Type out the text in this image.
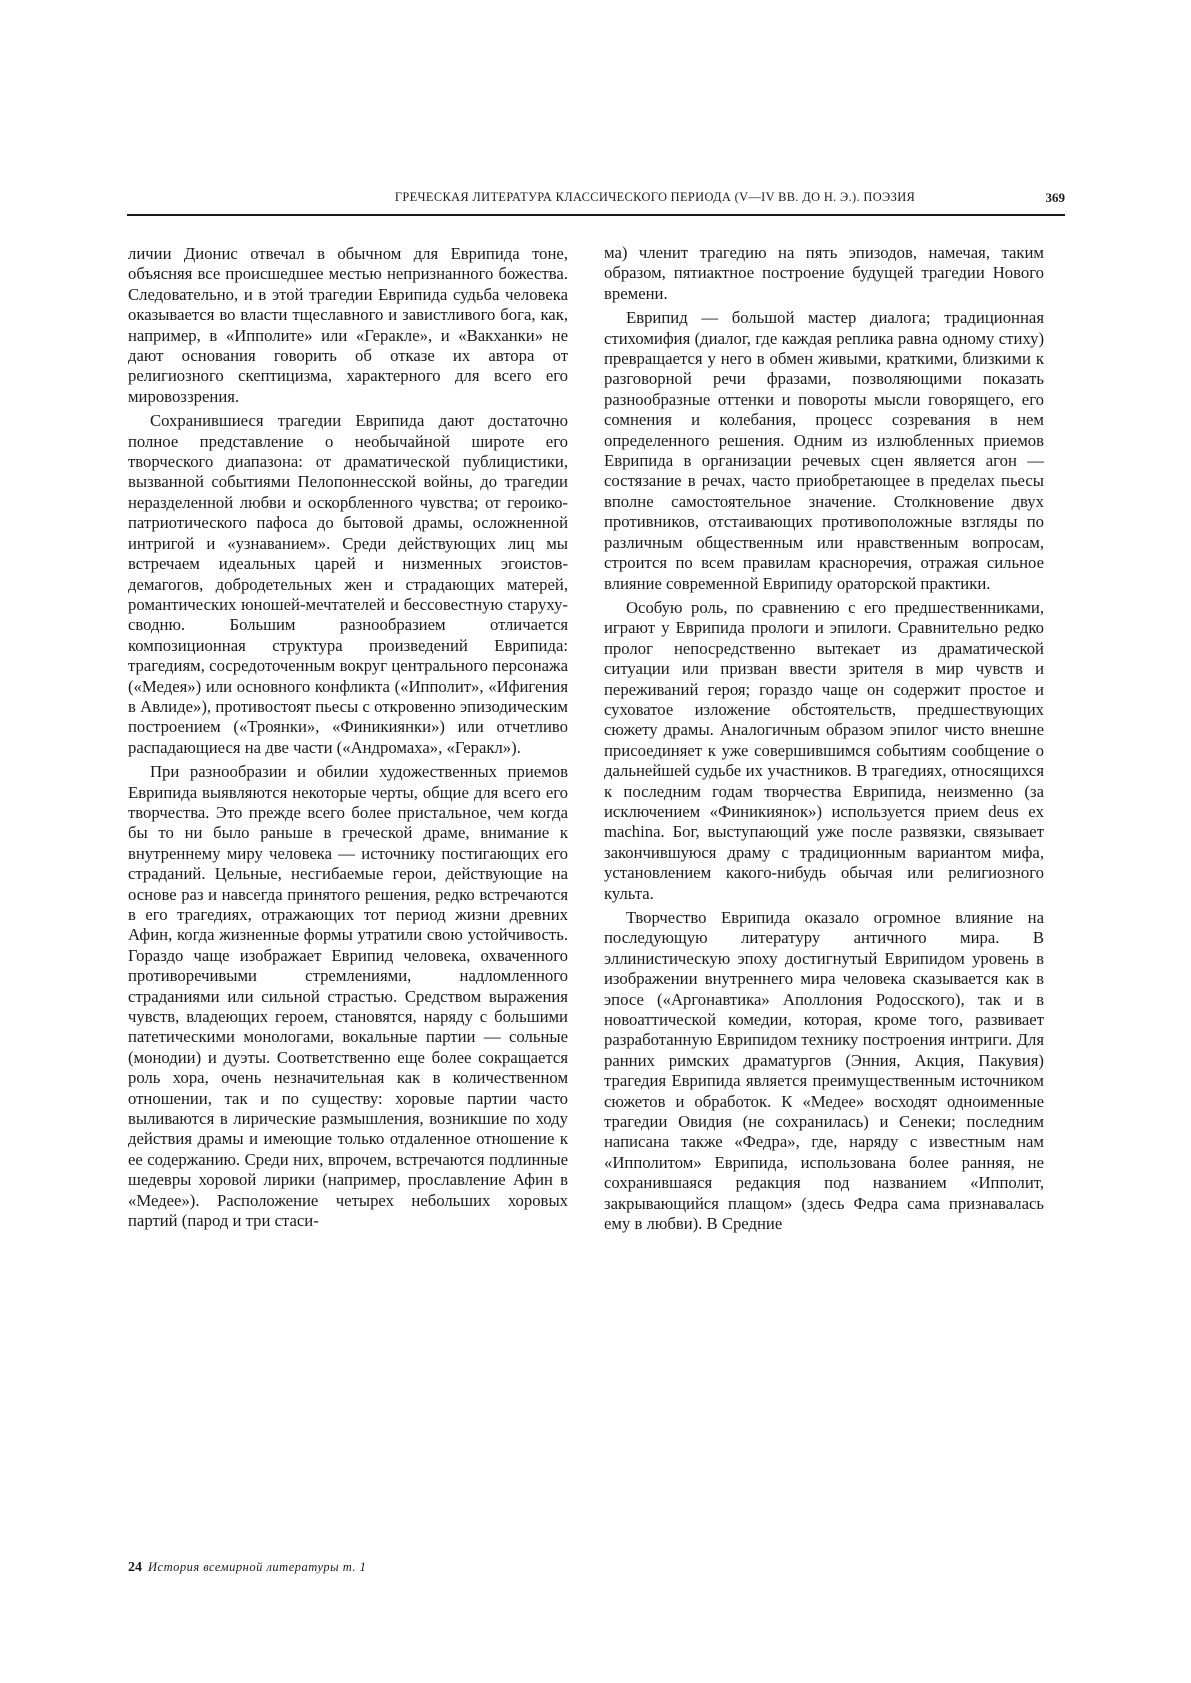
ГРЕЧЕСКАЯ ЛИТЕРАТУРА КЛАССИЧЕСКОГО ПЕРИОДА (V—IV ВВ. ДО Н. Э.). ПОЭЗИЯ	369

личии Дионис отвечал в обычном для Еврипида тоне, объясняя все происшедшее местью непризнанного божества. Следовательно, и в этой трагедии Еврипида судьба человека оказывается во власти тщеславного и завистливого бога, как, например, в «Ипполите» или «Геракле», и «Вакханки» не дают основания говорить об отказе их автора от религиозного скептицизма, характерного для всего его мировоззрения.

Сохранившиеся трагедии Еврипида дают достаточно полное представление о необычайной широте его творческого диапазона: от драматической публицистики, вызванной событиями Пелопоннесской войны, до трагедии неразделенной любви и оскорбленного чувства; от героико-патриотического пафоса до бытовой драмы, осложненной интригой и «узнаванием». Среди действующих лиц мы встречаем идеальных царей и низменных эгоистов-демагогов, добродетельных жен и страдающих матерей, романтических юношей-мечтателей и бессовестную старуху-сводню. Большим разнообразием отличается композиционная структура произведений Еврипида: трагедиям, сосредоточенным вокруг центрального персонажа («Медея») или основного конфликта («Ипполит», «Ифигения в Авлиде»), противостоят пьесы с откровенно эпизодическим построением («Троянки», «Финикиянки») или отчетливо распадающиеся на две части («Андромаха», «Геракл»).

При разнообразии и обилии художественных приемов Еврипида выявляются некоторые черты, общие для всего его творчества. Это прежде всего более пристальное, чем когда бы то ни было раньше в греческой драме, внимание к внутреннему миру человека — источнику постигающих его страданий. Цельные, несгибаемые герои, действующие на основе раз и навсегда принятого решения, редко встречаются в его трагедиях, отражающих тот период жизни древних Афин, когда жизненные формы утратили свою устойчивость. Гораздо чаще изображает Еврипид человека, охваченного противоречивыми стремлениями, надломленного страданиями или сильной страстью. Средством выражения чувств, владеющих героем, становятся, наряду с большими патетическими монологами, вокальные партии — сольные (монодии) и дуэты. Соответственно еще более сокращается роль хора, очень незначительная как в количественном отношении, так и по существу: хоровые партии часто выливаются в лирические размышления, возникшие по ходу действия драмы и имеющие только отдаленное отношение к ее содержанию. Среди них, впрочем, встречаются подлинные шедевры хоровой лирики (например, прославление Афин в «Медее»). Расположение четырех небольших хоровых партий (парод и три стаси-

ма) членит трагедию на пять эпизодов, намечая, таким образом, пятиактное построение будущей трагедии Нового времени.

Еврипид — большой мастер диалога; традиционная стихомифия (диалог, где каждая реплика равна одному стиху) превращается у него в обмен живыми, краткими, близкими к разговорной речи фразами, позволяющими показать разнообразные оттенки и повороты мысли говорящего, его сомнения и колебания, процесс созревания в нем определенного решения. Одним из излюбленных приемов Еврипида в организации речевых сцен является агон — состязание в речах, часто приобретающее в пределах пьесы вполне самостоятельное значение. Столкновение двух противников, отстаивающих противоположные взгляды по различным общественным или нравственным вопросам, строится по всем правилам красноречия, отражая сильное влияние современной Еврипиду ораторской практики.

Особую роль, по сравнению с его предшественниками, играют у Еврипида прологи и эпилоги. Сравнительно редко пролог непосредственно вытекает из драматической ситуации или призван ввести зрителя в мир чувств и переживаний героя; гораздо чаще он содержит простое и суховатое изложение обстоятельств, предшествующих сюжету драмы. Аналогичным образом эпилог чисто внешне присоединяет к уже совершившимся событиям сообщение о дальнейшей судьбе их участников. В трагедиях, относящихся к последним годам творчества Еврипида, неизменно (за исключением «Финикиянок») используется прием deus ex machina. Бог, выступающий уже после развязки, связывает закончившуюся драму с традиционным вариантом мифа, установлением какого-нибудь обычая или религиозного культа.

Творчество Еврипида оказало огромное влияние на последующую литературу античного мира. В эллинистическую эпоху достигнутый Еврипидом уровень в изображении внутреннего мира человека сказывается как в эпосе («Аргонавтика» Аполлония Родосского), так и в новоаттической комедии, которая, кроме того, развивает разработанную Еврипидом технику построения интриги. Для ранних римских драматургов (Энния, Акция, Пакувия) трагедия Еврипида является преимущественным источником сюжетов и обработок. К «Медее» восходят одноименные трагедии Овидия (не сохранилась) и Сенеки; последним написана также «Федра», где, наряду с известным нам «Ипполитом» Еврипида, использована более ранняя, не сохранившаяся редакция под названием «Ипполит, закрывающийся плащом» (здесь Федра сама признавалась ему в любви). В Средние

24 История всемирной литературы т. 1
